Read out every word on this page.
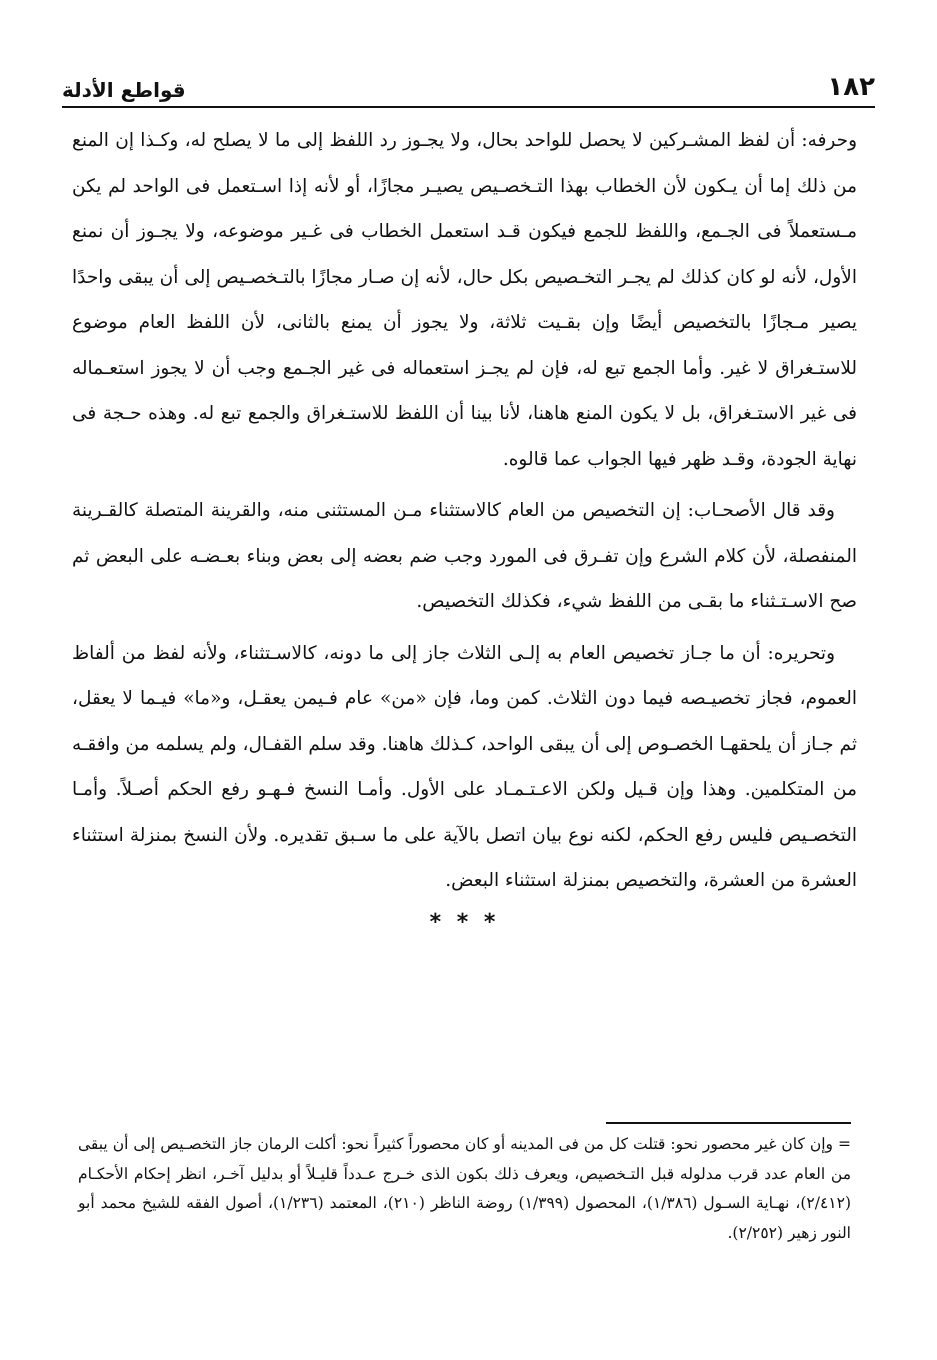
١٨٢
قواطع الأدلة

وحرفه: أن لفظ المشـركين لا يحصل للواحد بحال، ولا يجـوز رد اللفظ إلى ما لا يصلح له، وكـذا إن المنع من ذلك إما أن يـكون لأن الخطاب بهذا التـخصـيص يصيـر مجازًا، أو لأنه إذا اسـتعمل فى الواحد لم يكن مـستعملاً فى الجـمع، واللفظ للجمع فيكون قـد استعمل الخطاب فى غـير موضوعه، ولا يجـوز أن نمنع الأول، لأنه لو كان كذلك لم يجـر التخـصيص بكل حال، لأنه إن صـار مجازًا بالتـخصـيص إلى أن يبقى واحدًا يصير مـجازًا بالتخصيص أيضًا وإن بقـيت ثلاثة، ولا يجوز أن يمنع بالثانى، لأن اللفظ العام موضوع للاستـغراق لا غير. وأما الجمع تبع له، فإن لم يجـز استعماله فى غير الجـمع وجب أن لا يجوز استعـماله فى غير الاستـغراق، بل لا يكون المنع هاهنا، لأنا بينا أن اللفظ للاستـغراق والجمع تبع له. وهذه حـجة فى نهاية الجودة، وقـد ظهر فيها الجواب عما قالوه.

وقد قال الأصحـاب: إن التخصيص من العام كالاستثناء مـن المستثنى منه، والقرينة المتصلة كالقـرينة المنفصلة، لأن كلام الشرع وإن تفـرق فى المورد وجب ضم بعضه إلى بعض وبناء بعـضـه على البعض ثم صح الاسـتـثناء ما بقـى من اللفظ شيء، فكذلك التخصيص.

وتحريره: أن ما جـاز تخصيص العام به إلـى الثلاث جاز إلى ما دونه، كالاسـتثناء، ولأنه لفظ من ألفاظ العموم، فجاز تخصيـصه فيما دون الثلاث. كمن وما، فإن «من» عام فـيمن يعقـل، و«ما» فيـما لا يعقل، ثم جـاز أن يلحقهـا الخصـوص إلى أن يبقى الواحد، كـذلك هاهنا. وقد سلم القفـال، ولم يسلمه من وافقـه من المتكلمين. وهذا وإن قـيل ولكن الاعـتـمـاد على الأول. وأمـا النسخ فـهـو رفع الحكم أصـلاً. وأمـا التخصـيص فليس رفع الحكم، لكنه نوع بيان اتصل بالآية على ما سـبق تقديره. ولأن النسخ بمنزلة استثناء العشرة من العشرة، والتخصيص بمنزلة استثناء البعض.

* * *

= وإن كان غير محصور نحو: قتلت كل من فى المدينه أو كان محصوراً كثيراً نحو: أكلت الرمان جاز التخصـيص إلى أن يبقى من العام عدد قرب مدلوله قبل التـخصيص، ويعرف ذلك بكون الذى خـرج عـدداً قليـلاً أو بدليل آخـر، انظر إحكام الأحكـام (٢/٤١٢)، نهـاية السـول (١/٣٨٦)، المحصول (١/٣٩٩) روضة الناظر (٢١٠)، المعتمد (١/٢٣٦)، أصول الفقه للشيخ محمد أبو النور زهير (٢/٢٥٢).
